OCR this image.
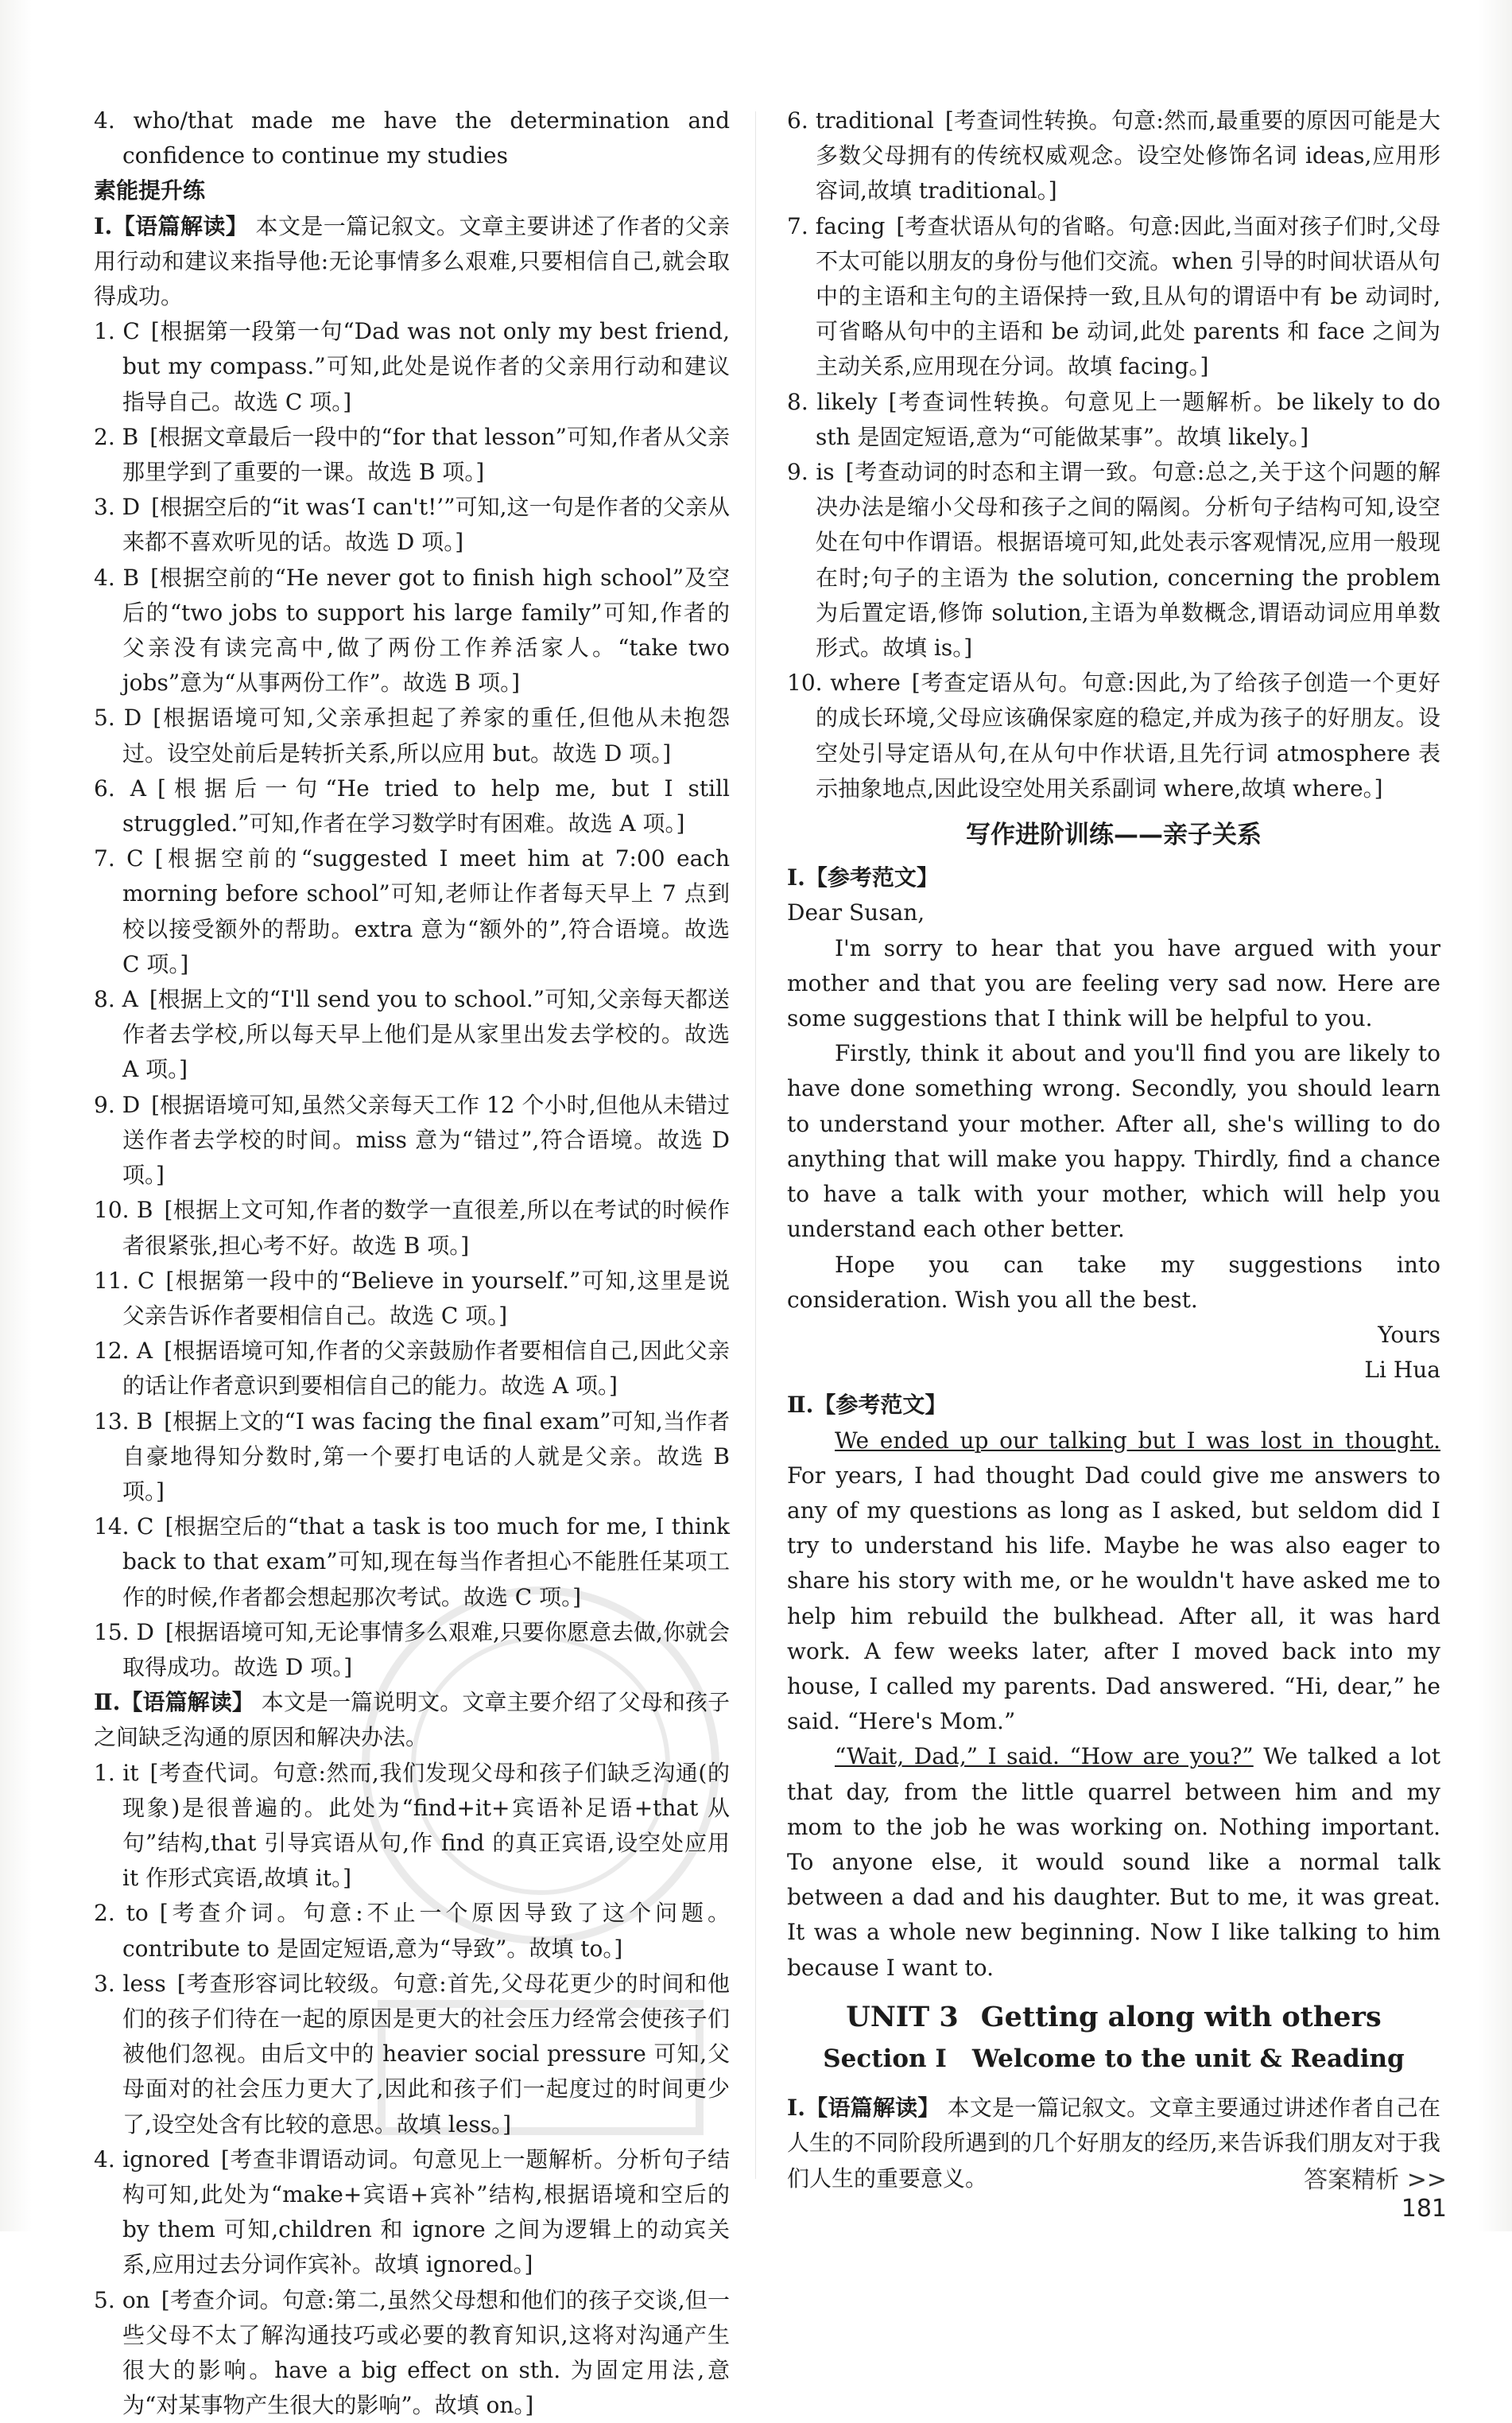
4. who/that made me have the determination and confidence to continue my studies

素能提升练

Ⅰ.【语篇解读】 本文是一篇记叙文。文章主要讲述了作者的父亲用行动和建议来指导他:无论事情多么艰难,只要相信自己,就会取得成功。

1. C [根据第一段第一句“Dad was not only my best friend, but my compass.”可知,此处是说作者的父亲用行动和建议指导自己。故选 C 项。]

2. B [根据文章最后一段中的“for that lesson”可知,作者从父亲那里学到了重要的一课。故选 B 项。]

3. D [根据空后的“it was‘I can't!’”可知,这一句是作者的父亲从来都不喜欢听见的话。故选 D 项。]

4. B [根据空前的“He never got to finish high school”及空后的“two jobs to support his large family”可知,作者的父亲没有读完高中,做了两份工作养活家人。“take two jobs”意为“从事两份工作”。故选 B 项。]

5. D [根据语境可知,父亲承担起了养家的重任,但他从未抱怨过。设空处前后是转折关系,所以应用 but。故选 D 项。]

6. A [根据后一句“He tried to help me, but I still struggled.”可知,作者在学习数学时有困难。故选 A 项。]

7. C [根据空前的“suggested I meet him at 7:00 each morning before school”可知,老师让作者每天早上 7 点到校以接受额外的帮助。extra 意为“额外的”,符合语境。故选 C 项。]

8. A [根据上文的“I'll send you to school.”可知,父亲每天都送作者去学校,所以每天早上他们是从家里出发去学校的。故选 A 项。]

9. D [根据语境可知,虽然父亲每天工作 12 个小时,但他从未错过送作者去学校的时间。miss 意为“错过”,符合语境。故选 D 项。]

10. B [根据上文可知,作者的数学一直很差,所以在考试的时候作者很紧张,担心考不好。故选 B 项。]

11. C [根据第一段中的“Believe in yourself.”可知,这里是说父亲告诉作者要相信自己。故选 C 项。]

12. A [根据语境可知,作者的父亲鼓励作者要相信自己,因此父亲的话让作者意识到要相信自己的能力。故选 A 项。]

13. B [根据上文的“I was facing the final exam”可知,当作者自豪地得知分数时,第一个要打电话的人就是父亲。故选 B 项。]

14. C [根据空后的“that a task is too much for me, I think back to that exam”可知,现在每当作者担心不能胜任某项工作的时候,作者都会想起那次考试。故选 C 项。]

15. D [根据语境可知,无论事情多么艰难,只要你愿意去做,你就会取得成功。故选 D 项。]

Ⅱ.【语篇解读】 本文是一篇说明文。文章主要介绍了父母和孩子之间缺乏沟通的原因和解决办法。

1. it [考查代词。句意:然而,我们发现父母和孩子们缺乏沟通(的现象)是很普遍的。此处为“find+it+宾语补足语+that 从句”结构,that 引导宾语从句,作 find 的真正宾语,设空处应用 it 作形式宾语,故填 it。]

2. to [考查介词。句意:不止一个原因导致了这个问题。contribute to 是固定短语,意为“导致”。故填 to。]

3. less [考查形容词比较级。句意:首先,父母花更少的时间和他们的孩子们待在一起的原因是更大的社会压力经常会使孩子们被他们忽视。由后文中的 heavier social pressure 可知,父母面对的社会压力更大了,因此和孩子们一起度过的时间更少了,设空处含有比较的意思。故填 less。]

4. ignored [考查非谓语动词。句意见上一题解析。分析句子结构可知,此处为“make+宾语+宾补”结构,根据语境和空后的 by them 可知,children 和 ignore 之间为逻辑上的动宾关系,应用过去分词作宾补。故填 ignored。]

5. on [考查介词。句意:第二,虽然父母想和他们的孩子交谈,但一些父母不太了解沟通技巧或必要的教育知识,这将对沟通产生很大的影响。have a big effect on sth. 为固定用法,意为“对某事物产生很大的影响”。故填 on。]

6. traditional [考查词性转换。句意:然而,最重要的原因可能是大多数父母拥有的传统权威观念。设空处修饰名词 ideas,应用形容词,故填 traditional。]

7. facing [考查状语从句的省略。句意:因此,当面对孩子们时,父母不太可能以朋友的身份与他们交流。when 引导的时间状语从句中的主语和主句的主语保持一致,且从句的谓语中有 be 动词时,可省略从句中的主语和 be 动词,此处 parents 和 face 之间为主动关系,应用现在分词。故填 facing。]

8. likely [考查词性转换。句意见上一题解析。be likely to do sth 是固定短语,意为“可能做某事”。故填 likely。]

9. is [考查动词的时态和主谓一致。句意:总之,关于这个问题的解决办法是缩小父母和孩子之间的隔阂。分析句子结构可知,设空处在句中作谓语。根据语境可知,此处表示客观情况,应用一般现在时;句子的主语为 the solution, concerning the problem 为后置定语,修饰 solution,主语为单数概念,谓语动词应用单数形式。故填 is。]

10. where [考查定语从句。句意:因此,为了给孩子创造一个更好的成长环境,父母应该确保家庭的稳定,并成为孩子的好朋友。设空处引导定语从句,在从句中作状语,且先行词 atmosphere 表示抽象地点,因此设空处用关系副词 where,故填 where。]

写作进阶训练——亲子关系

Ⅰ.【参考范文】

Dear Susan,

I'm sorry to hear that you have argued with your mother and that you are feeling very sad now. Here are some suggestions that I think will be helpful to you.

Firstly, think it about and you'll find you are likely to have done something wrong. Secondly, you should learn to understand your mother. After all, she's willing to do anything that will make you happy. Thirdly, find a chance to have a talk with your mother, which will help you understand each other better.

Hope you can take my suggestions into consideration. Wish you all the best.

Yours

Li Hua

Ⅱ.【参考范文】

We ended up our talking but I was lost in thought. For years, I had thought Dad could give me answers to any of my questions as long as I asked, but seldom did I try to understand his life. Maybe he was also eager to share his story with me, or he wouldn't have asked me to help him rebuild the bulkhead. After all, it was hard work. A few weeks later, after I moved back into my house, I called my parents. Dad answered. “Hi, dear,” he said. “Here's Mom.”

“Wait, Dad,” I said. “How are you?” We talked a lot that day, from the little quarrel between him and my mom to the job he was working on. Nothing important. To anyone else, it would sound like a normal talk between a dad and his daughter. But to me, it was great. It was a whole new beginning. Now I like talking to him because I want to.

UNIT 3 Getting along with others

Section Ⅰ Welcome to the unit & Reading

Ⅰ.【语篇解读】 本文是一篇记叙文。文章主要通过讲述作者自己在人生的不同阶段所遇到的几个好朋友的经历,来告诉我们朋友对于我们人生的重要意义。	答案精析 >> 181
